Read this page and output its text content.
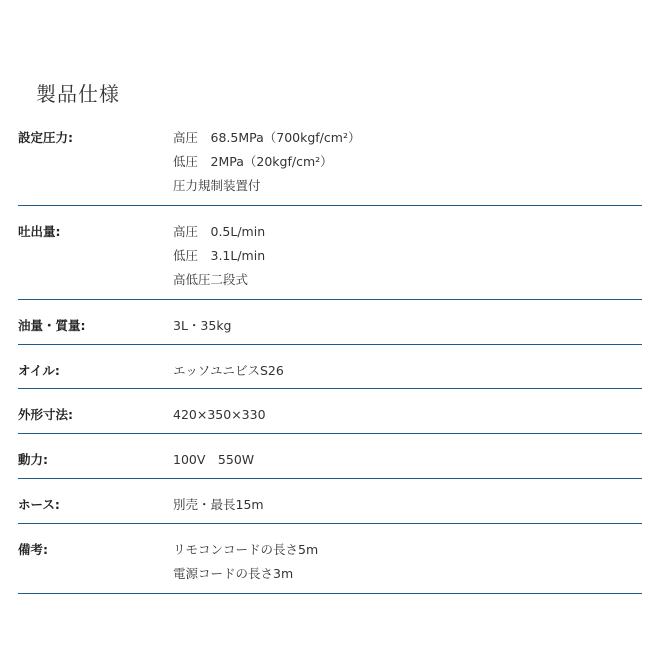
製品仕様
設定圧力:	高圧　68.5MPa（700kgf/cm²）
低圧　2MPa（20kgf/cm²）
圧力規制装置付
吐出量:	高圧　0.5L/min
低圧　3.1L/min
高低圧二段式
油量・質量:	3L・35kg
オイル:	エッソユニビスS26
外形寸法:	420×350×330
動力:	100V　550W
ホース:	別売・最長15m
備考:	リモコンコードの長さ5m
電源コードの長さ3m
